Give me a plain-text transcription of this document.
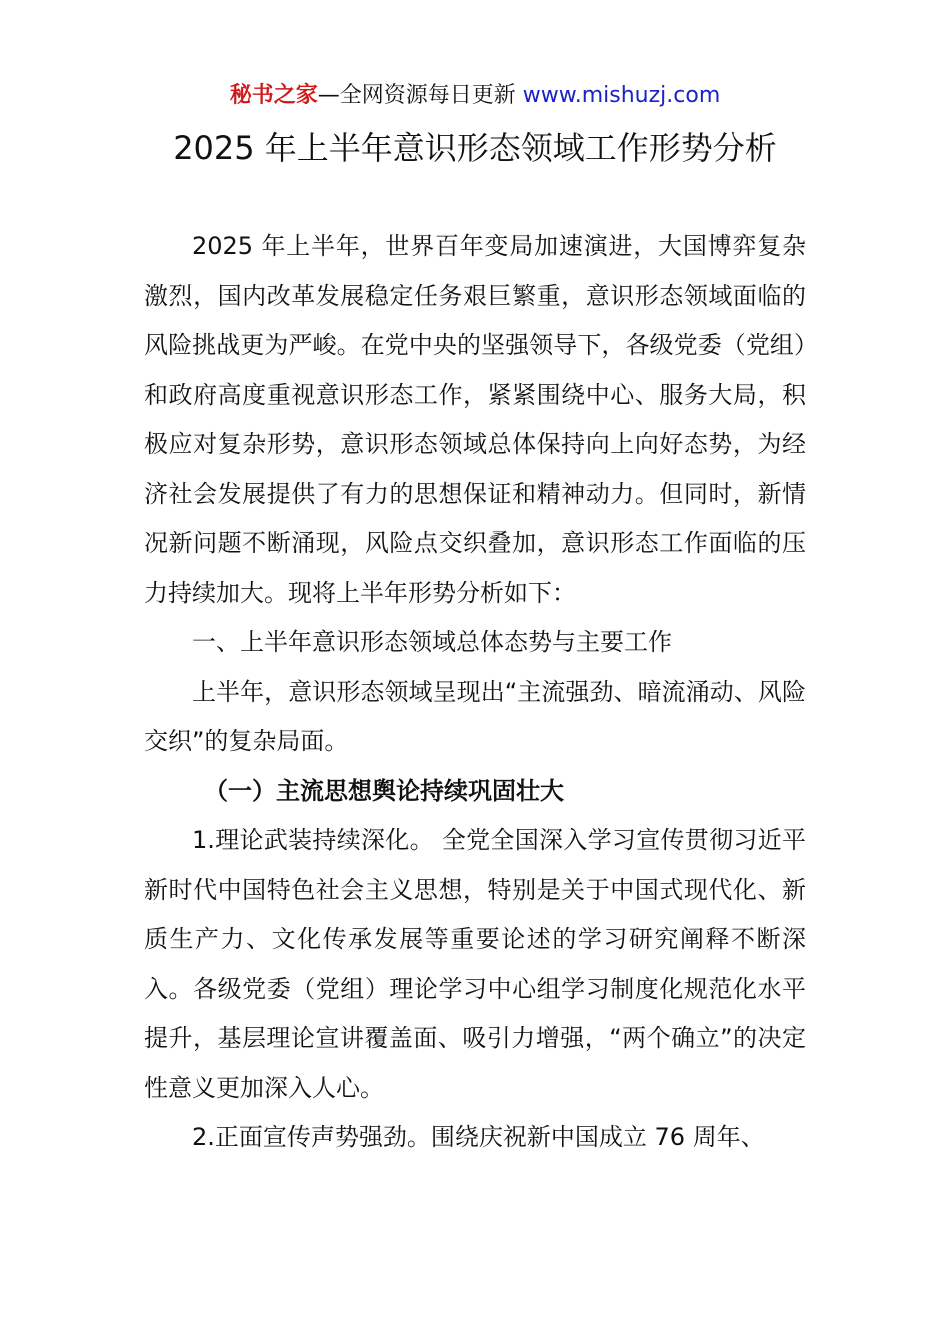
秘书之家—全网资源每日更新 www.mishuzj.com
2025 年上半年意识形态领域工作形势分析

2025 年上半年，世界百年变局加速演进，大国博弈复杂激烈，国内改革发展稳定任务艰巨繁重，意识形态领域面临的风险挑战更为严峻。在党中央的坚强领导下，各级党委（党组）和政府高度重视意识形态工作，紧紧围绕中心、服务大局，积极应对复杂形势，意识形态领域总体保持向上向好态势，为经济社会发展提供了有力的思想保证和精神动力。但同时，新情况新问题不断涌现，风险点交织叠加，意识形态工作面临的压力持续加大。现将上半年形势分析如下：

一、上半年意识形态领域总体态势与主要工作

上半年，意识形态领域呈现出“主流强劲、暗流涌动、风险交织”的复杂局面。

（一）主流思想舆论持续巩固壮大

1.理论武装持续深化。 全党全国深入学习宣传贯彻习近平新时代中国特色社会主义思想，特别是关于中国式现代化、新质生产力、文化传承发展等重要论述的学习研究阐释不断深入。各级党委（党组）理论学习中心组学习制度化规范化水平提升，基层理论宣讲覆盖面、吸引力增强，“两个确立”的决定性意义更加深入人心。

2.正面宣传声势强劲。围绕庆祝新中国成立 76 周年、
